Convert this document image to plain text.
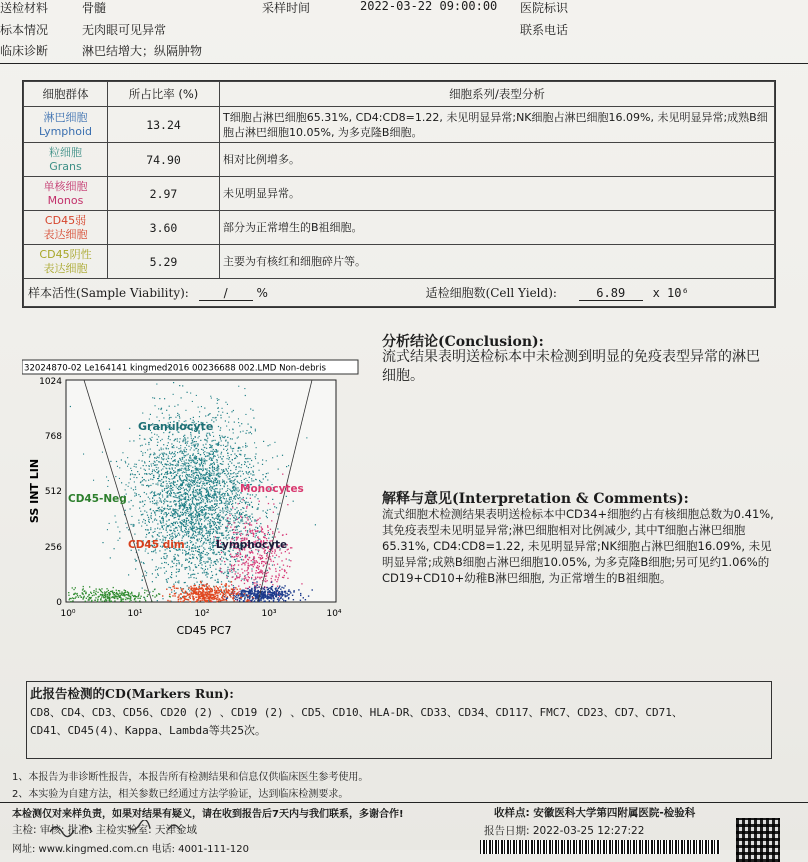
送检材料	骨髓
标本情况	无肉眼可见异常
临床诊断	淋巴结增大；纵隔肿物
采样时间	2022-03-22 09:00:00 医院标识
联系电话
细胞群体	所占比率 (%)	细胞系列/表型分析

淋巴细胞
Lymphoid	13.24	T细胞占淋巴细胞65.31%, CD4:CD8=1.22, 未见明显异常;NK细胞占淋巴细胞16.09%, 未见明显异常;成熟B细胞占淋巴细胞10.05%, 为多克隆B细胞。

粒细胞
Grans	74.90	相对比例增多。

单核细胞
Monos	2.97	未见明显异常。

CD45弱
表达细胞	3.60	部分为正常增生的B祖细胞。

CD45阴性
表达细胞	5.29	主要为有核红和细胞碎片等。
样本活性(Sample Viability): / % 适检细胞数(Cell Yield): 6.89 x 10⁶		
32024870-02 Le164141 kingmed2016 00236688 002.LMD Non-debris
1024
768
512
256
0
10⁰	10¹	10²	10³	10⁴
CD45 PC7
SS INT LIN
Granulocyte
Monocytes
CD45-Neg
CD45 dim	Lymphocyte
分析结论(Conclusion):
流式结果表明送检标本中未检测到明显的免疫表型异常的淋巴细胞。
解释与意见(Interpretation & Comments):
流式细胞术检测结果表明送检标本中CD34+细胞约占有核细胞总数为0.41%, 其免疫表型未见明显异常;淋巴细胞相对比例减少, 其中T细胞占淋巴细胞65.31%, CD4:CD8=1.22, 未见明显异常;NK细胞占淋巴细胞16.09%, 未见明显异常;成熟B细胞占淋巴细胞10.05%, 为多克隆B细胞;另可见约1.06%的CD19+CD10+幼稚B淋巴细胞, 为正常增生的B祖细胞。
此报告检测的CD(Markers Run):
CD8、CD4、CD3、CD56、CD20 (2) 、CD19 (2) 、CD5、CD10、HLA-DR、CD33、CD34、CD117、FMC7、CD23、CD7、CD71、
CD41、CD45(4)、Kappa、Lambda等共25次。
1、本报告为非诊断性报告，本报告所有检测结果和信息仅供临床医生参考使用。
2、本实验为自建方法，相关参数已经通过方法学验证，达到临床检测要求。
本检测仅对来样负责，如果对结果有疑义，请在收到报告后7天内与我们联系，多谢合作!	收样点: 安徽医科大学第四附属医院-检验科
主检: 审核: 批准: 主检实验室: 天津金域	报告日期: 2022-03-25 12:27:22
网址: www.kingmed.com.cn 电话: 4001-111-120
